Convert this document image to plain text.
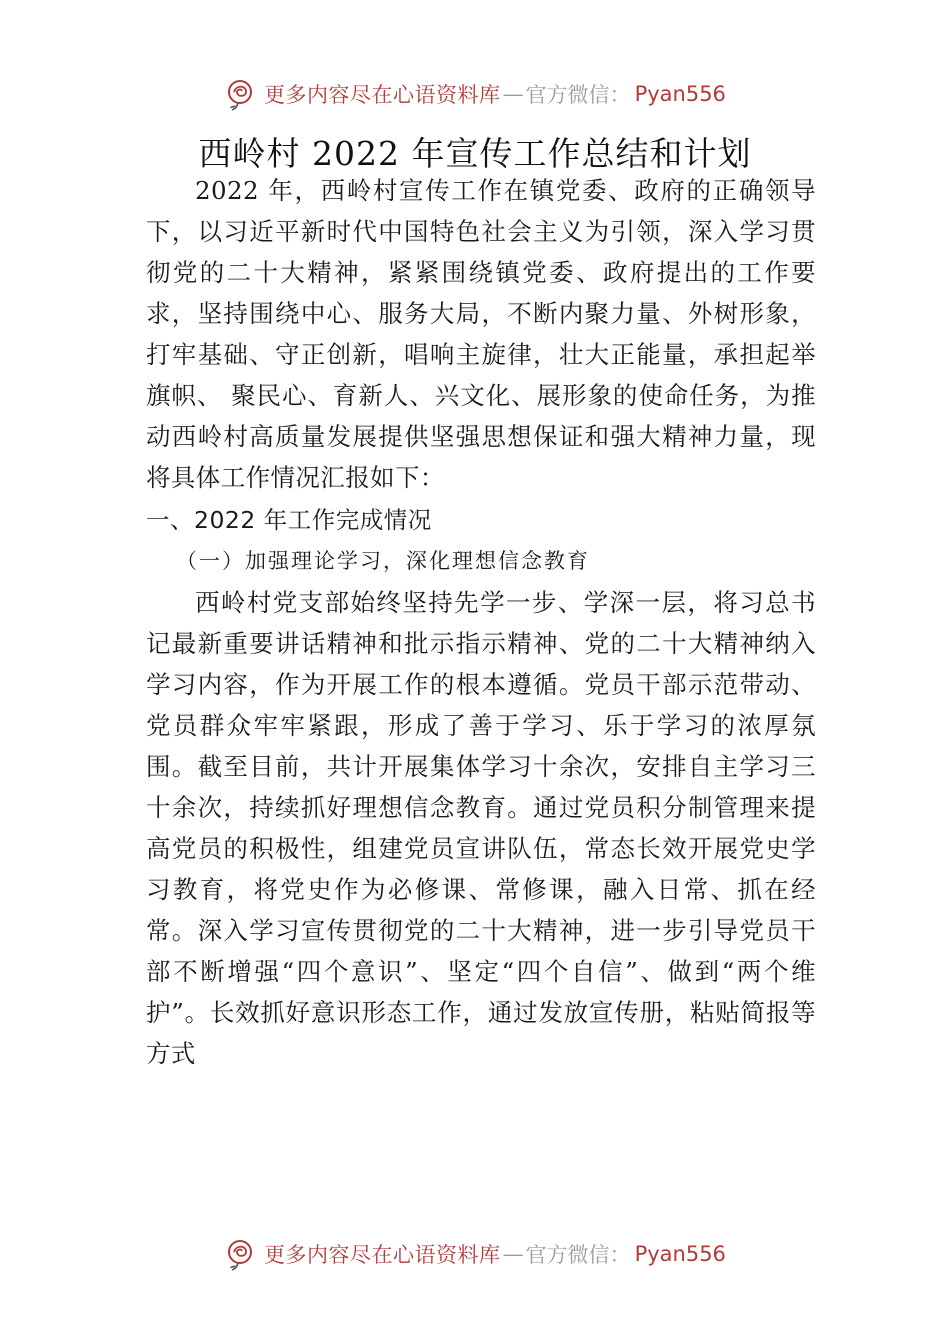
更多内容尽在心语资料库 — 官方微信： Pyan556
西岭村 2022 年宣传工作总结和计划

2022 年，西岭村宣传工作在镇党委、政府的正确领导下，以习近平新时代中国特色社会主义为引领，深入学习贯彻党的二十大精神，紧紧围绕镇党委、政府提出的工作要求，坚持围绕中心、服务大局，不断内聚力量、外树形象，打牢基础、守正创新，唱响主旋律，壮大正能量，承担起举旗帜、 聚民心、育新人、兴文化、展形象的使命任务，为推动西岭村高质量发展提供坚强思想保证和强大精神力量，现将具体工作情况汇报如下：

一、2022 年工作完成情况
（一）加强理论学习，深化理想信念教育

西岭村党支部始终坚持先学一步、学深一层，将习总书记最新重要讲话精神和批示指示精神、党的二十大精神纳入学习内容，作为开展工作的根本遵循。党员干部示范带动、 党员群众牢牢紧跟，形成了善于学习、乐于学习的浓厚氛围。截至目前，共计开展集体学习十余次，安排自主学习三十余次，持续抓好理想信念教育。通过党员积分制管理来提高党员的积极性，组建党员宣讲队伍，常态长效开展党史学习教育，将党史作为必修课、常修课，融入日常、抓在经常。深入学习宣传贯彻党的二十大精神，进一步引导党员干部不断增强“四个意识”、坚定“四个自信”、做到“两个维护”。长效抓好意识形态工作，通过发放宣传册，粘贴简报等方式

更多内容尽在心语资料库 — 官方微信： Pyan556
